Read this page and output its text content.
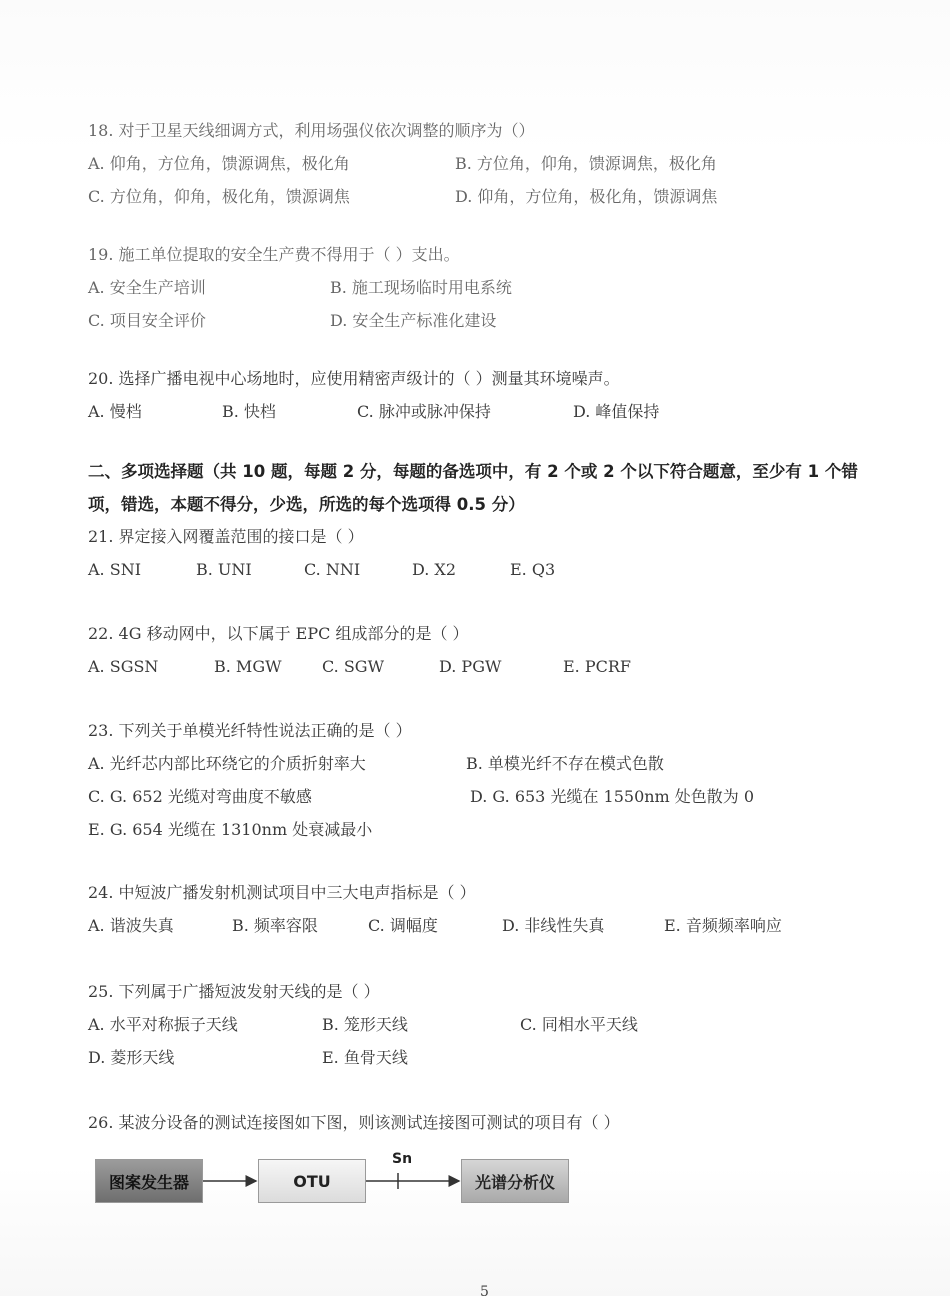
18. 对于卫星天线细调方式，利用场强仪依次调整的顺序为（）
A. 仰角，方位角，馈源调焦，极化角	B. 方位角，仰角，馈源调焦，极化角
C. 方位角，仰角，极化角，馈源调焦	D. 仰角，方位角，极化角，馈源调焦
19. 施工单位提取的安全生产费不得用于（ ）支出。
A. 安全生产培训	B. 施工现场临时用电系统
C. 项目安全评价	D. 安全生产标准化建设
20. 选择广播电视中心场地时，应使用精密声级计的（ ）测量其环境噪声。
A. 慢档	B. 快档	C. 脉冲或脉冲保持	D. 峰值保持
二、多项选择题（共 10 题，每题 2 分，每题的备选项中，有 2 个或 2 个以下符合题意，至少有 1 个错
项，错选，本题不得分，少选，所选的每个选项得 0.5 分）
21. 界定接入网覆盖范围的接口是（ ）
A. SNI	B. UNI	C. NNI	D. X2	E. Q3
22. 4G 移动网中，以下属于 EPC 组成部分的是（ ）
A. SGSN	B. MGW	C. SGW	D. PGW	E. PCRF
23. 下列关于单模光纤特性说法正确的是（ ）
A. 光纤芯内部比环绕它的介质折射率大	B. 单模光纤不存在模式色散
C. G. 652 光缆对弯曲度不敏感	D. G. 653 光缆在 1550nm 处色散为 0
E. G. 654 光缆在 1310nm 处衰减最小
24. 中短波广播发射机测试项目中三大电声指标是（ ）
A. 谐波失真	B. 频率容限	C. 调幅度	D. 非线性失真	E. 音频频率响应
25. 下列属于广播短波发射天线的是（ ）
A. 水平对称振子天线	B. 笼形天线	C. 同相水平天线
D. 菱形天线	E. 鱼骨天线
26. 某波分设备的测试连接图如下图，则该测试连接图可测试的项目有（ ）
图案发生器	OTU	光谱分析仪
Sn
5
